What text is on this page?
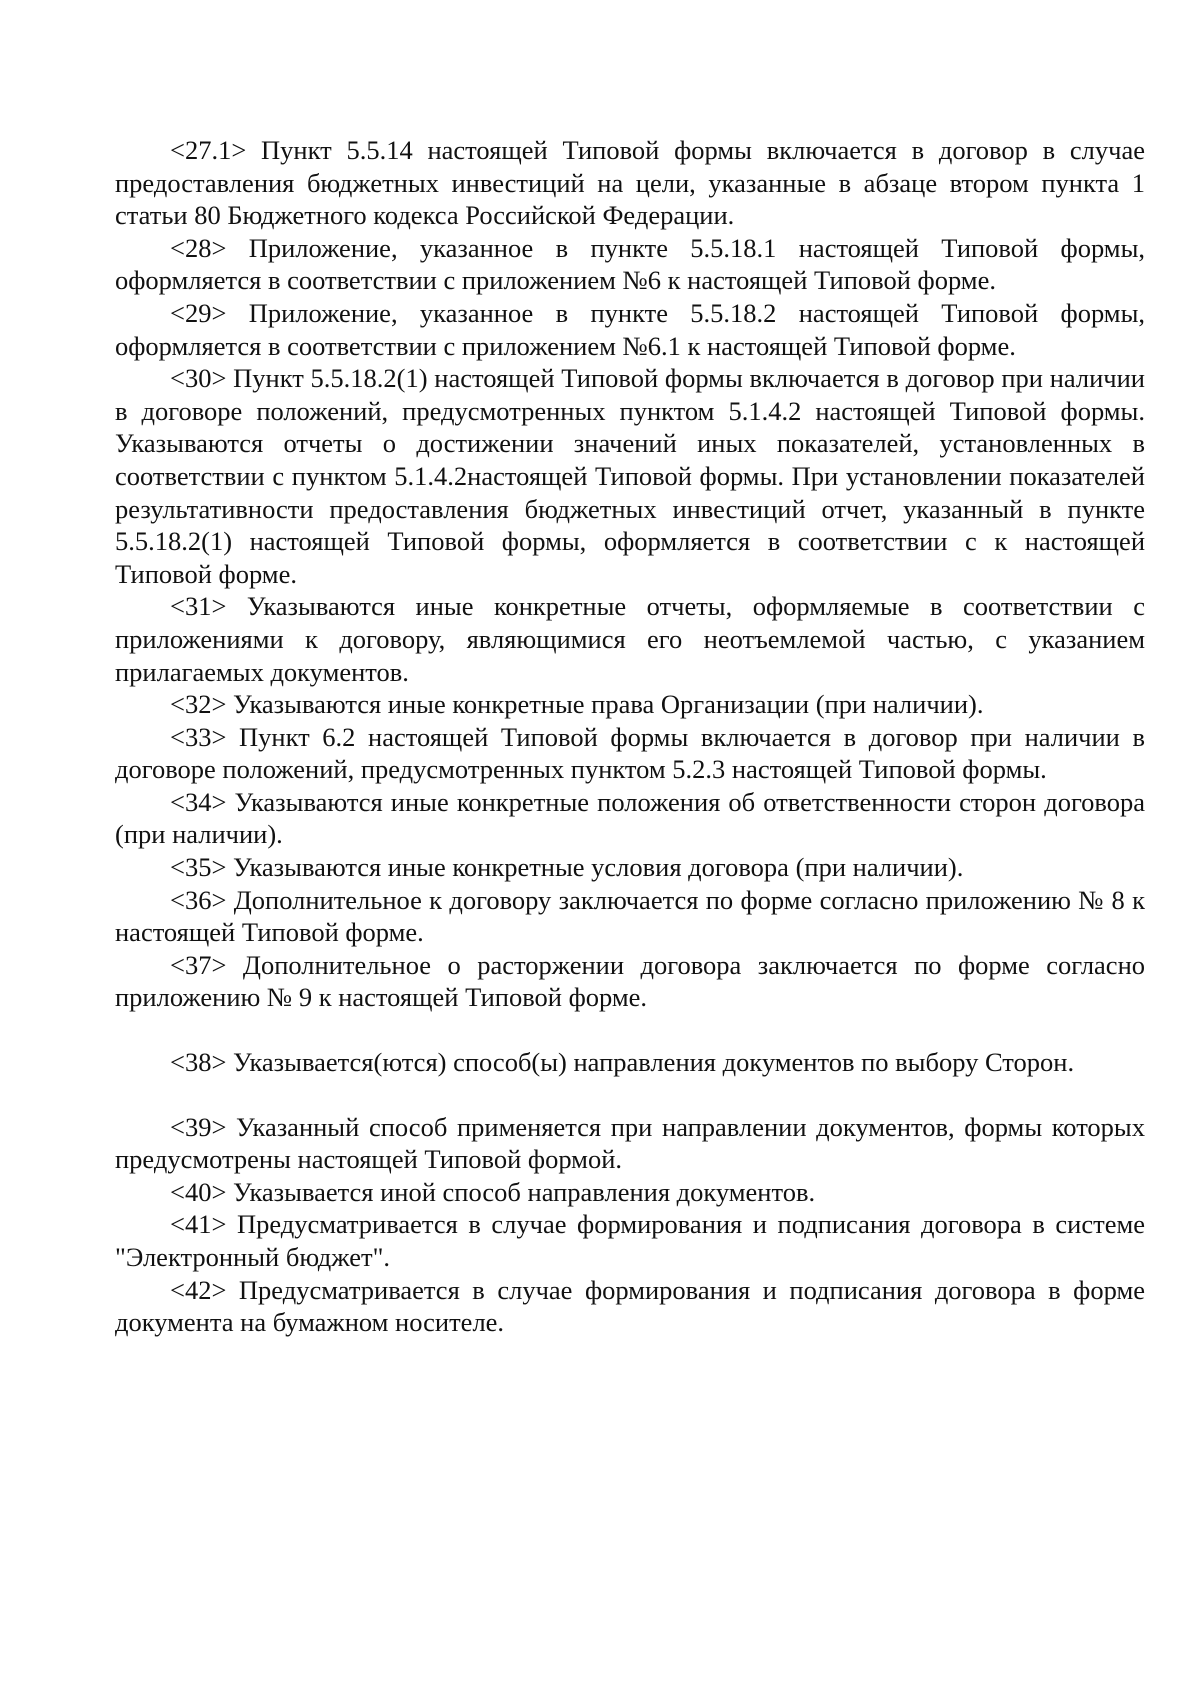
<27.1> Пункт 5.5.14 настоящей Типовой формы включается в договор в случае предоставления бюджетных инвестиций на цели, указанные в абзаце втором пункта 1 статьи 80 Бюджетного кодекса Российской Федерации.

<28> Приложение, указанное в пункте 5.5.18.1 настоящей Типовой формы, оформляется в соответствии с приложением №6 к настоящей Типовой форме.

<29> Приложение, указанное в пункте 5.5.18.2 настоящей Типовой формы, оформляется в соответствии с приложением №6.1 к настоящей Типовой форме.

<30> Пункт 5.5.18.2(1) настоящей Типовой формы включается в договор при наличии в договоре положений, предусмотренных пунктом 5.1.4.2 настоящей Типовой формы. Указываются отчеты о достижении значений иных показателей, установленных в соответствии с пунктом 5.1.4.2настоящей Типовой формы. При установлении показателей результативности предоставления бюджетных инвестиций отчет, указанный в пункте 5.5.18.2(1) настоящей Типовой формы, оформляется в соответствии с к настоящей Типовой форме.

<31> Указываются иные конкретные отчеты, оформляемые в соответствии с приложениями к договору, являющимися его неотъемлемой частью, с указанием прилагаемых документов.

<32> Указываются иные конкретные права Организации (при наличии).

<33> Пункт 6.2 настоящей Типовой формы включается в договор при наличии в договоре положений, предусмотренных пунктом 5.2.3 настоящей Типовой формы.

<34> Указываются иные конкретные положения об ответственности сторон договора (при наличии).

<35> Указываются иные конкретные условия договора (при наличии).

<36> Дополнительное к договору заключается по форме согласно приложению № 8 к настоящей Типовой форме.

<37> Дополнительное о расторжении договора заключается по форме согласно приложению № 9 к настоящей Типовой форме.

<38> Указывается(ются) способ(ы) направления документов по выбору Сторон.

<39> Указанный способ применяется при направлении документов, формы которых предусмотрены настоящей Типовой формой.

<40> Указывается иной способ направления документов.

<41> Предусматривается в случае формирования и подписания договора в системе "Электронный бюджет".

<42> Предусматривается в случае формирования и подписания договора в форме документа на бумажном носителе.
